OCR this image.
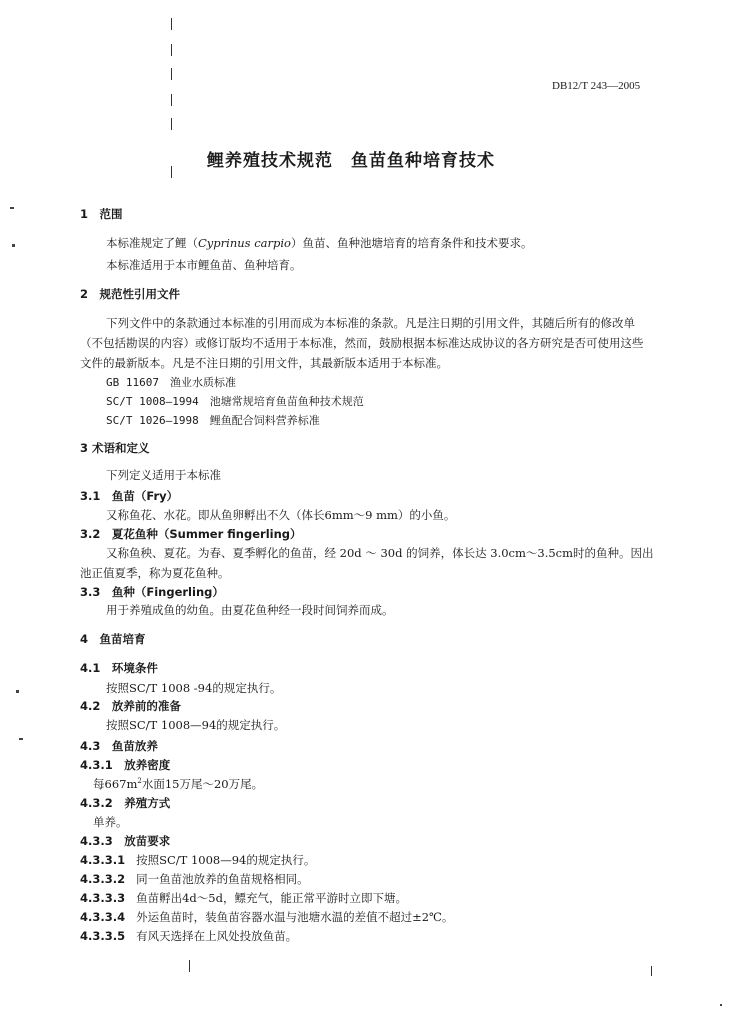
DB12/T 243—2005
鲤养殖技术规范　鱼苗鱼种培育技术
1　范围
本标准规定了鲤（Cyprinus carpio）鱼苗、鱼种池塘培育的培育条件和技术要求。
本标准适用于本市鲤鱼苗、鱼种培育。
2　规范性引用文件
下列文件中的条款通过本标准的引用而成为本标准的条款。凡是注日期的引用文件，其随后所有的修改单（不包括勘误的内容）或修订版均不适用于本标准，然而，鼓励根据本标准达成协议的各方研究是否可使用这些文件的最新版本。凡是不注日期的引用文件，其最新版本适用于本标准。
GB 11607　渔业水质标准
SC/T 1008—1994　池塘常规培育鱼苗鱼种技术规范
SC/T 1026—1998　鲤鱼配合饲料营养标准
3 术语和定义
下列定义适用于本标准
3.1　鱼苗（Fry）
又称鱼花、水花。即从鱼卵孵出不久（体长6mm～9 mm）的小鱼。
3.2　夏花鱼种（Summer fingerling）
又称鱼秧、夏花。为春、夏季孵化的鱼苗，经 20d ～ 30d 的饲养，体长达 3.0cm～3.5cm时的鱼种。因出池正值夏季，称为夏花鱼种。
3.3　鱼种（Fingerling）
用于养殖成鱼的幼鱼。由夏花鱼种经一段时间饲养而成。
4　鱼苗培育
4.1　环境条件
按照SC/T 1008 -94的规定执行。
4.2　放养前的准备
按照SC/T 1008—94的规定执行。
4.3　鱼苗放养
4.3.1　放养密度
每$667m^2$水面15万尾～20万尾。
4.3.2　养殖方式
单养。
4.3.3　放苗要求
4.3.3.1 按照SC/T 1008—94的规定执行。
4.3.3.2 同一鱼苗池放养的鱼苗规格相同。
4.3.3.3 鱼苗孵出4d～5d，鳔充气，能正常平游时立即下塘。
4.3.3.4 外运鱼苗时，装鱼苗容器水温与池塘水温的差值不超过±2℃。
4.3.3.5 有风天选择在上风处投放鱼苗。
